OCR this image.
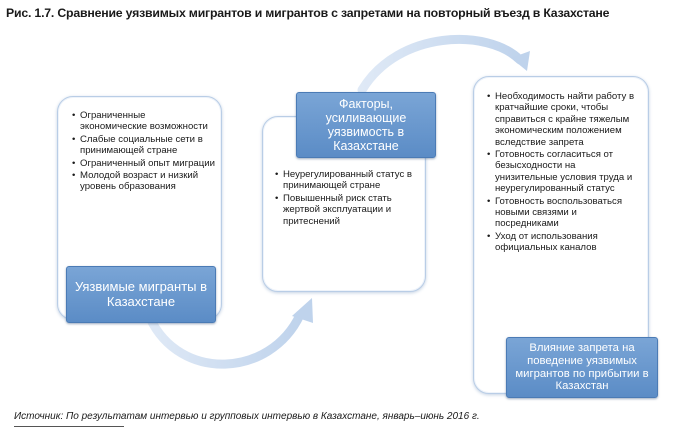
Рис. 1.7. Сравнение уязвимых мигрантов и мигрантов с запретами на повторный въезд в Казахстане
• Ограниченные экономические возможности
• Слабые социальные сети в принимающей стране
• Ограниченный опыт миграции
• Молодой возраст и низкий уровень образования
Уязвимые мигранты в Казахстане
• Неурегулированный статус в принимающей стране
• Повышенный риск стать жертвой эксплуатации и притеснений
Факторы, усиливающие уязвимость в Казахстане
• Необходимость найти работу в кратчайшие сроки, чтобы справиться с крайне тяжелым экономическим положением вследствие запрета
• Готовность согласиться от безысходности на унизительные условия труда и неурегулированный статус
• Готовность воспользоваться новыми связями и посредниками
• Уход от использования официальных каналов
Влияние запрета на поведение уязвимых мигрантов по прибытии в Казахстан
Источник: По результатам интервью и групповых интервью в Казахстане, январь–июнь 2016 г.
